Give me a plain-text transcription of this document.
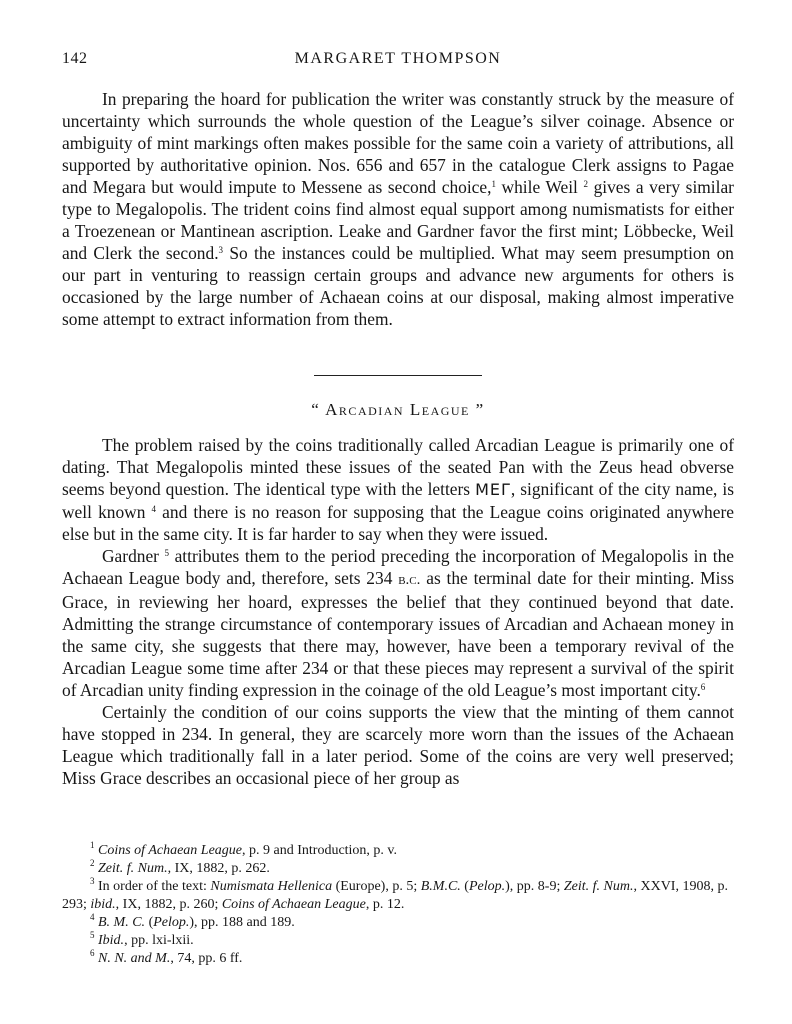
142	MARGARET THOMPSON

In preparing the hoard for publication the writer was constantly struck by the measure of uncertainty which surrounds the whole question of the League’s silver coinage. Absence or ambiguity of mint markings often makes possible for the same coin a variety of attributions, all supported by authoritative opinion. Nos. 656 and 657 in the catalogue Clerk assigns to Pagae and Megara but would impute to Messene as second choice,$^1$ while Weil $^2$ gives a very similar type to Megalopolis. The trident coins find almost equal support among numismatists for either a Troezenean or Mantinean ascription. Leake and Gardner favor the first mint; Löbbecke, Weil and Clerk the second.$^3$ So the instances could be multiplied. What may seem presumption on our part in venturing to reassign certain groups and advance new arguments for others is occasioned by the large number of Achaean coins at our disposal, making almost imperative some attempt to extract information from them.

“ Arcadian League ”

The problem raised by the coins traditionally called Arcadian League is primarily one of dating. That Megalopolis minted these issues of the seated Pan with the Zeus head obverse seems beyond question. The identical type with the letters ΜΕΓ, significant of the city name, is well known $^4$ and there is no reason for supposing that the League coins originated anywhere else but in the same city. It is far harder to say when they were issued.

Gardner $^5$ attributes them to the period preceding the incorporation of Megalopolis in the Achaean League body and, therefore, sets 234 b.c. as the terminal date for their minting. Miss Grace, in reviewing her hoard, expresses the belief that they continued beyond that date. Admitting the strange circumstance of contemporary issues of Arcadian and Achaean money in the same city, she suggests that there may, however, have been a temporary revival of the Arcadian League some time after 234 or that these pieces may represent a survival of the spirit of Arcadian unity finding expression in the coinage of the old League’s most important city.$^6$

Certainly the condition of our coins supports the view that the minting of them cannot have stopped in 234. In general, they are scarcely more worn than the issues of the Achaean League which traditionally fall in a later period. Some of the coins are very well preserved; Miss Grace describes an occasional piece of her group as

$^1$ Coins of Achaean League, p. 9 and Introduction, p. v.

$^2$ Zeit. f. Num., IX, 1882, p. 262.

$^3$ In order of the text: Numismata Hellenica (Europe), p. 5; B.M.C. (Pelop.), pp. 8-9; Zeit. f. Num., XXVI, 1908, p. 293; ibid., IX, 1882, p. 260; Coins of Achaean League, p. 12.

$^4$ B. M. C. (Pelop.), pp. 188 and 189.

$^5$ Ibid., pp. lxi-lxii.

$^6$ N. N. and M., 74, pp. 6 ff.
